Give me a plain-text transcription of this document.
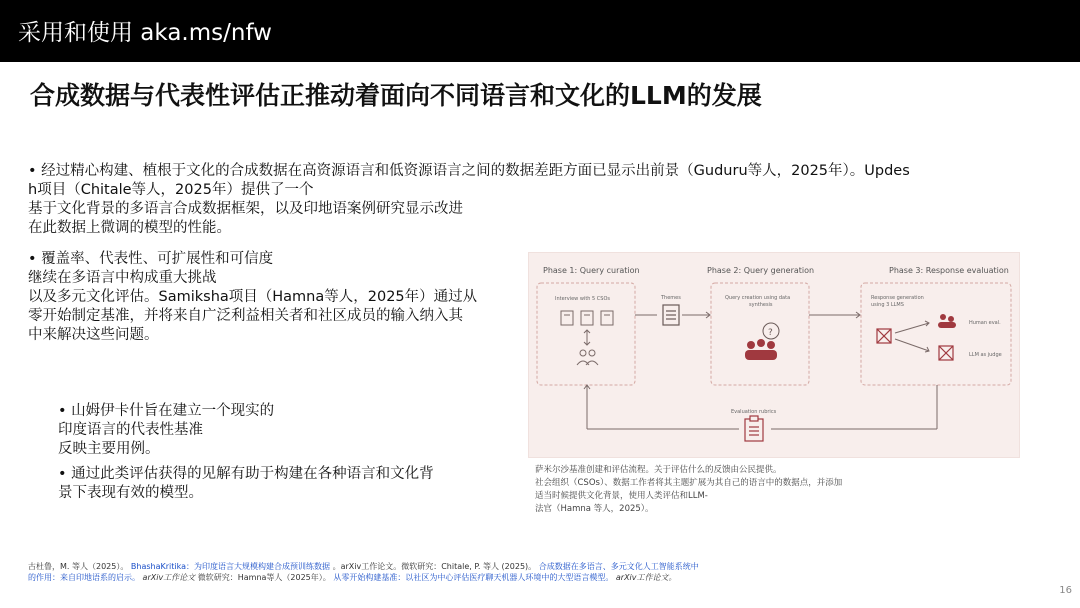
采用和使用 aka.ms/nfw
合成数据与代表性评估正推动着面向不同语言和文化的LLM的发展
• 经过精心构建、植根于文化的合成数据在高资源语言和低资源语言之间的数据差距方面已显示出前景（Guduru等人，2025年）。Updes
h项目（Chitale等人，2025年）提供了一个
基于文化背景的多语言合成数据框架，以及印地语案例研究显示改进
在此数据上微调的模型的性能。
• 覆盖率、代表性、可扩展性和可信度
继续在多语言中构成重大挑战
以及多元文化评估。Samiksha项目（Hamna等人，2025年）通过从
零开始制定基准，并将来自广泛利益相关者和社区成员的输入纳入其
中来解决这些问题。
• 山姆伊卡什旨在建立一个现实的
印度语言的代表性基准
反映主要用例。
• 通过此类评估获得的见解有助于构建在各种语言和文化背
景下表现有效的模型。
Phase 1: Query curation	Phase 2: Query generation	Phase 3: Response evaluation
Interview with 5 CSOs	Themes	Query creation using data
synthesis
?
Response generation
using 3 LLMS
Human eval.
LLM as judge
Evaluation rubrics
萨米尔沙基准创建和评估流程。关于评估什么的反馈由公民提供。
社会组织（CSOs）、数据工作者将其主题扩展为其自己的语言中的数据点，并添加
适当时候提供文化背景，使用人类评估和LLM-
法官（Hamna 等人，2025）。
古杜鲁，M. 等人（2025）。 BhashaKritika：为印度语言大规模构建合成预训练数据 。arXiv工作论文。微软研究：Chitale, P. 等人 (2025)。 合成数据在多语言、多元文化人工智能系统中
的作用：来自印地语系的启示。 arXiv工作论文 微软研究：Hamna等人（2025年）。 从零开始构建基准：以社区为中心评估医疗聊天机器人环境中的大型语言模型。 arXiv工作论文。
16
